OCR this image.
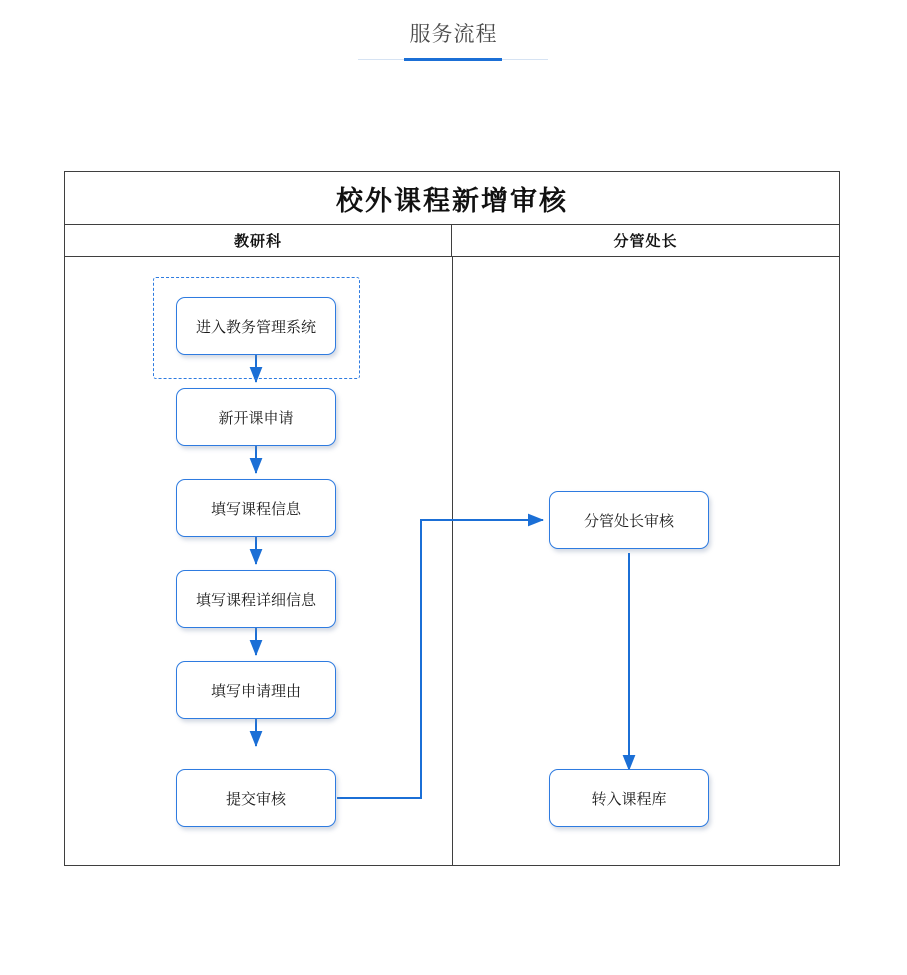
服务流程
校外课程新增审核
教研科	分管处长
进入教务管理系统
新开课申请
填写课程信息
填写课程详细信息
填写申请理由
提交审核
分管处长审核
转入课程库
